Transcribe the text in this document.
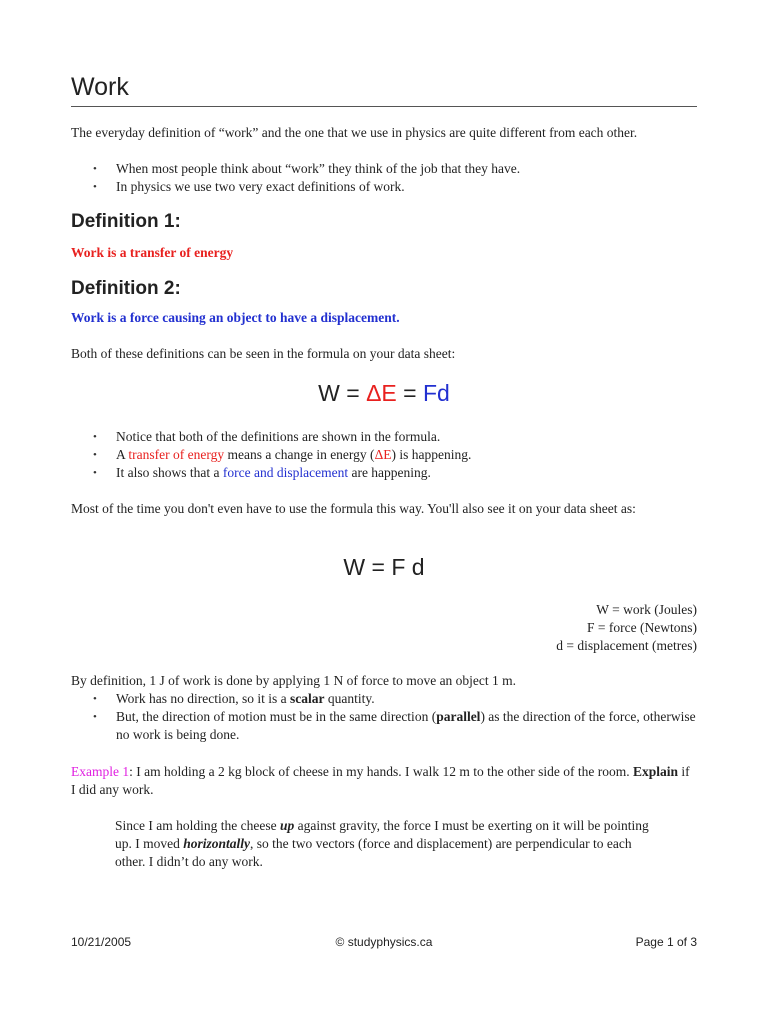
Work

The everyday definition of “work” and the one that we use in physics are quite different from each other.

• When most people think about “work” they think of the job that they have.
• In physics we use two very exact definitions of work.
Definition 1:
Work is a transfer of energy
Definition 2:
Work is a force causing an object to have a displacement.

Both of these definitions can be seen in the formula on your data sheet:

W = ΔE = Fd
• Notice that both of the definitions are shown in the formula.
• A transfer of energy means a change in energy (ΔE) is happening.
• It also shows that a force and displacement are happening.

Most of the time you don't even have to use the formula this way. You'll also see it on your data sheet as:

W = F d
W = work (Joules)
F = force (Newtons)
d = displacement (metres)

By definition, 1 J of work is done by applying 1 N of force to move an object 1 m.

• Work has no direction, so it is a scalar quantity.
• But, the direction of motion must be in the same direction (parallel) as the direction of the force, otherwise no work is being done.

Example 1: I am holding a 2 kg block of cheese in my hands. I walk 12 m to the other side of the room. Explain if I did any work.

Since I am holding the cheese up against gravity, the force I must be exerting on it will be pointing up. I moved horizontally, so the two vectors (force and displacement) are perpendicular to each other. I didn’t do any work.

10/21/2005	© studyphysics.ca	Page 1 of 3
